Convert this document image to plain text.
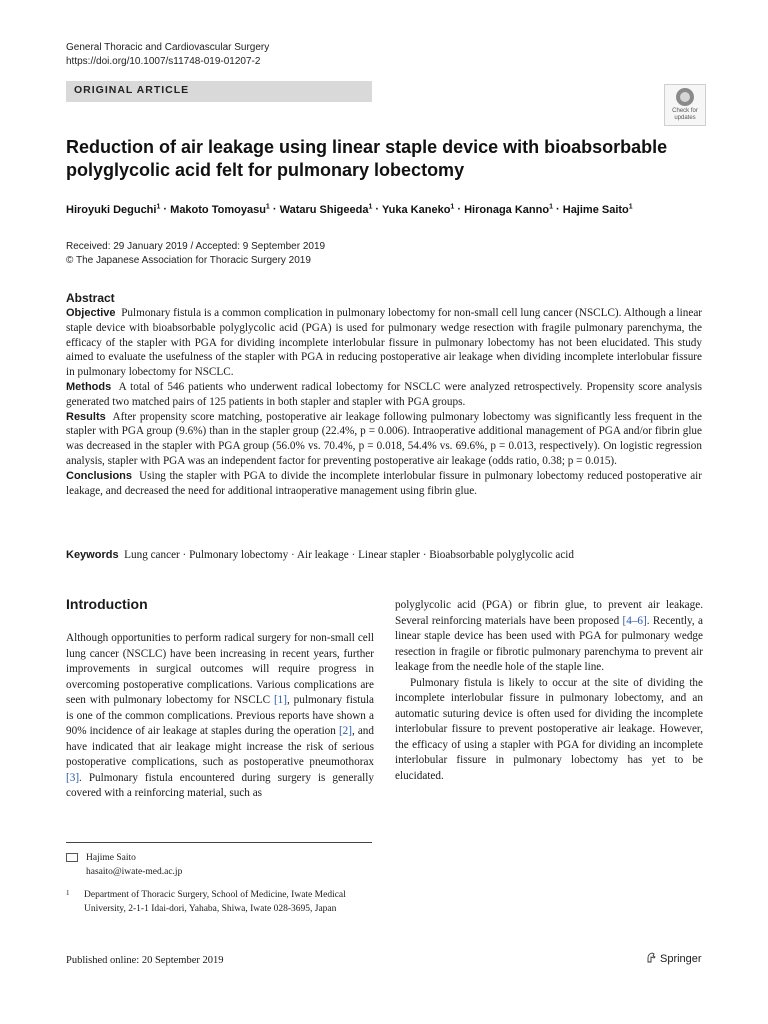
General Thoracic and Cardiovascular Surgery
https://doi.org/10.1007/s11748-019-01207-2
ORIGINAL ARTICLE
Check for updates
Reduction of air leakage using linear staple device with bioabsorbable polyglycolic acid felt for pulmonary lobectomy
Hiroyuki Deguchi$^1$ · Makoto Tomoyasu$^1$ · Wataru Shigeeda$^1$ · Yuka Kaneko$^1$ · Hironaga Kanno$^1$ · Hajime Saito$^1$
Received: 29 January 2019 / Accepted: 9 September 2019
© The Japanese Association for Thoracic Surgery 2019
Abstract

Objective Pulmonary fistula is a common complication in pulmonary lobectomy for non-small cell lung cancer (NSCLC). Although a linear staple device with bioabsorbable polyglycolic acid (PGA) is used for pulmonary wedge resection with fragile pulmonary parenchyma, the efficacy of the stapler with PGA for dividing incomplete interlobular fissure in pulmonary lobectomy has not been elucidated. This study aimed to evaluate the usefulness of the stapler with PGA in reducing postoperative air leakage when dividing incomplete interlobular fissure in pulmonary lobectomy for NSCLC.

Methods A total of 546 patients who underwent radical lobectomy for NSCLC were analyzed retrospectively. Propensity score analysis generated two matched pairs of 125 patients in both stapler and stapler with PGA groups.

Results After propensity score matching, postoperative air leakage following pulmonary lobectomy was significantly less frequent in the stapler with PGA group (9.6%) than in the stapler group (22.4%, p = 0.006). Intraoperative additional management of PGA and/or fibrin glue was decreased in the stapler with PGA group (56.0% vs. 70.4%, p = 0.018, 54.4% vs. 69.6%, p = 0.013, respectively). On logistic regression analysis, stapler with PGA was an independent factor for preventing postoperative air leakage (odds ratio, 0.38; p = 0.015).

Conclusions Using the stapler with PGA to divide the incomplete interlobular fissure in pulmonary lobectomy reduced postoperative air leakage, and decreased the need for additional intraoperative management using fibrin glue.

Keywords Lung cancer · Pulmonary lobectomy · Air leakage · Linear stapler · Bioabsorbable polyglycolic acid
Introduction

Although opportunities to perform radical surgery for non-small cell lung cancer (NSCLC) have been increasing in recent years, further improvements in surgical outcomes will require progress in overcoming postoperative complications. Various complications are seen with pulmonary lobectomy for NSCLC [1], pulmonary fistula is one of the common complications. Previous reports have shown a 90% incidence of air leakage at staples during the operation [2], and have indicated that air leakage might increase the risk of serious postoperative complications, such as postoperative pneumothorax [3]. Pulmonary fistula encountered during surgery is generally covered with a reinforcing material, such as

polyglycolic acid (PGA) or fibrin glue, to prevent air leakage. Several reinforcing materials have been proposed [4–6]. Recently, a linear staple device has been used with PGA for pulmonary wedge resection in fragile or fibrotic pulmonary parenchyma to prevent air leakage from the needle hole of the staple line.

Pulmonary fistula is likely to occur at the site of dividing the incomplete interlobular fissure in pulmonary lobectomy, and an automatic suturing device is often used for dividing the incomplete interlobular fissure to prevent postoperative air leakage. However, the efficacy of using a stapler with PGA for dividing an incomplete interlobular fissure in pulmonary lobectomy has yet to be elucidated.

Hajime Saito
hasaito@iwate-med.ac.jp
1 Department of Thoracic Surgery, School of Medicine, Iwate Medical University, 2-1-1 Idai-dori, Yahaba, Shiwa, Iwate 028-3695, Japan
Published online: 20 September 2019	Springer
